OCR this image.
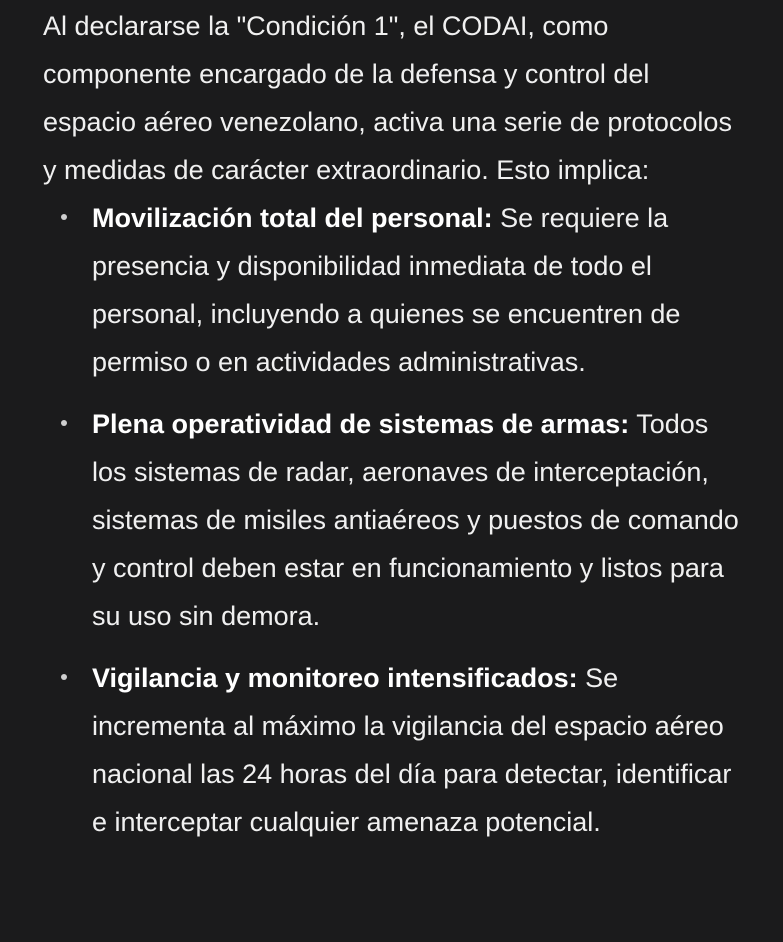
Al declararse la "Condición 1", el CODAI, como componente encargado de la defensa y control del espacio aéreo venezolano, activa una serie de protocolos y medidas de carácter extraordinario. Esto implica:

Movilización total del personal: Se requiere la presencia y disponibilidad inmediata de todo el personal, incluyendo a quienes se encuentren de permiso o en actividades administrativas.
Plena operatividad de sistemas de armas: Todos los sistemas de radar, aeronaves de interceptación, sistemas de misiles antiaéreos y puestos de comando y control deben estar en funcionamiento y listos para su uso sin demora.
Vigilancia y monitoreo intensificados: Se incrementa al máximo la vigilancia del espacio aéreo nacional las 24 horas del día para detectar, identificar e interceptar cualquier amenaza potencial.
